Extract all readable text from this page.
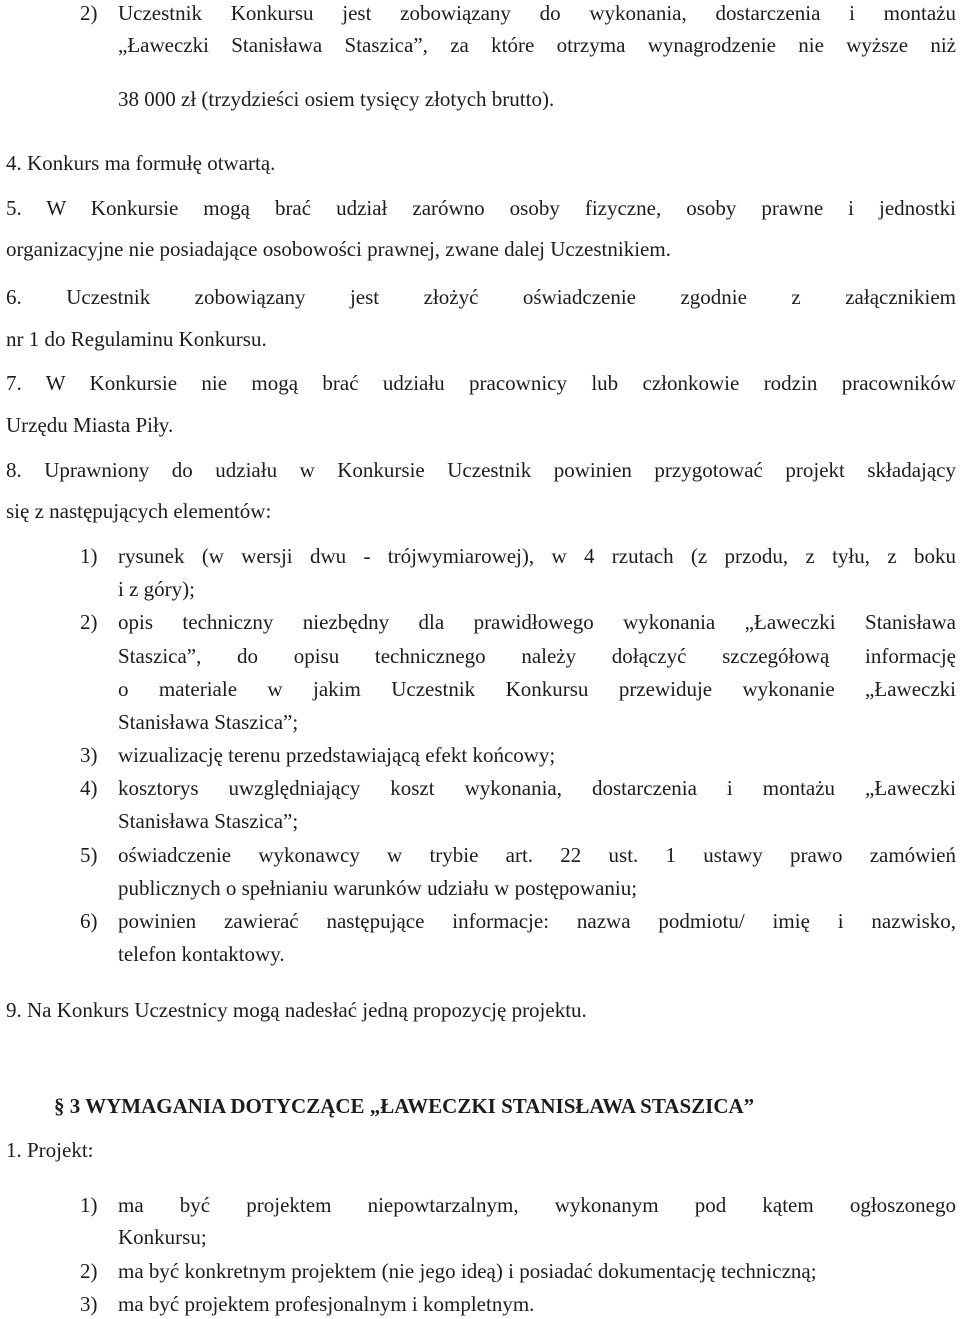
2) Uczestnik Konkursu jest zobowiązany do wykonania, dostarczenia i montażu

„Ławeczki Stanisława Staszica”, za które otrzyma wynagrodzenie nie wyższe niż

38 000 zł (trzydzieści osiem tysięcy złotych brutto).

4. Konkurs ma formułę otwartą.

5. W Konkursie mogą brać udział zarówno osoby fizyczne, osoby prawne i jednostki

organizacyjne nie posiadające osobowości prawnej, zwane dalej Uczestnikiem.

6. Uczestnik zobowiązany jest złożyć oświadczenie zgodnie z załącznikiem

nr 1 do Regulaminu Konkursu.

7. W Konkursie nie mogą brać udziału pracownicy lub członkowie rodzin pracowników

Urzędu Miasta Piły.

8. Uprawniony do udziału w Konkursie Uczestnik powinien przygotować projekt składający

się z następujących elementów:

1) rysunek (w wersji dwu - trójwymiarowej), w 4 rzutach (z przodu, z tyłu, z boku

i z góry);

2) opis techniczny niezbędny dla prawidłowego wykonania „Ławeczki Stanisława

Staszica”, do opisu technicznego należy dołączyć szczegółową informację

o materiale w jakim Uczestnik Konkursu przewiduje wykonanie „Ławeczki

Stanisława Staszica”;

3) wizualizację terenu przedstawiającą efekt końcowy;

4) kosztorys uwzględniający koszt wykonania, dostarczenia i montażu „Ławeczki

Stanisława Staszica”;

5) oświadczenie wykonawcy w trybie art. 22 ust. 1 ustawy prawo zamówień

publicznych o spełnianiu warunków udziału w postępowaniu;

6) powinien zawierać następujące informacje: nazwa podmiotu/ imię i nazwisko,

telefon kontaktowy.

9. Na Konkurs Uczestnicy mogą nadesłać jedną propozycję projektu.

§ 3 WYMAGANIA DOTYCZĄCE „ŁAWECZKI STANISŁAWA STASZICA”

1. Projekt:

1) ma być projektem niepowtarzalnym, wykonanym pod kątem ogłoszonego

Konkursu;

2) ma być konkretnym projektem (nie jego ideą) i posiadać dokumentację techniczną;

3) ma być projektem profesjonalnym i kompletnym.
